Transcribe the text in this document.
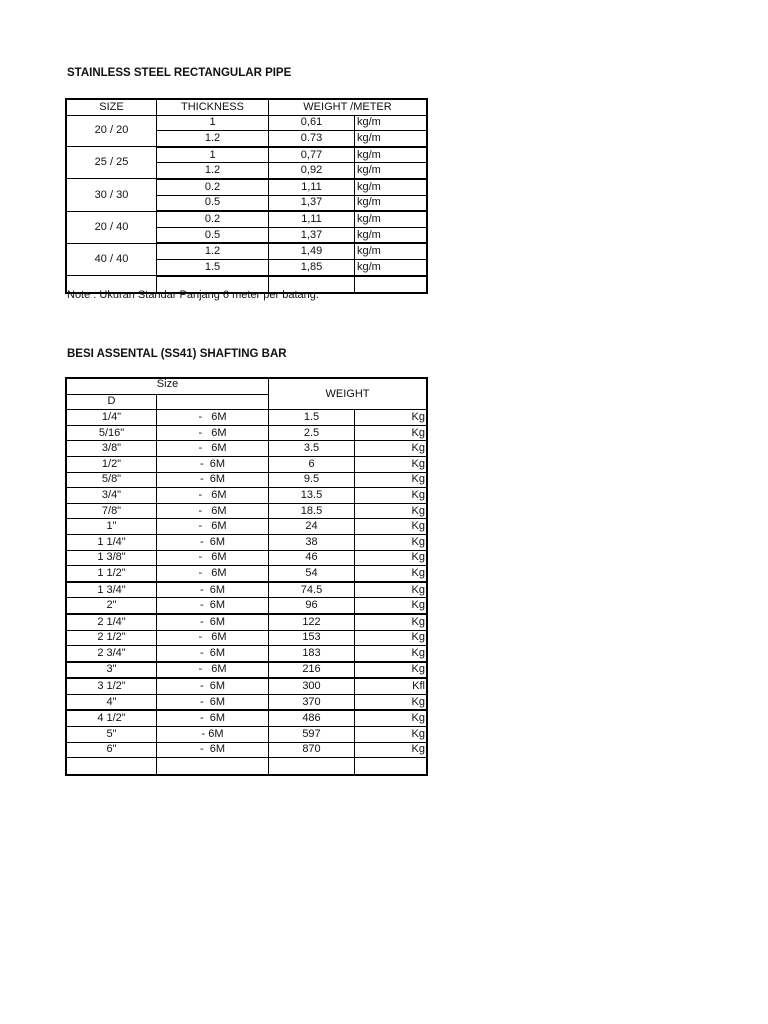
STAINLESS STEEL RECTANGULAR PIPE
SIZE	THICKNESS	WEIGHT /METER	
20 / 20	1	0,61	kg/m
	1.2	0.73	kg/m
25 / 25	1	0,77	kg/m
	1.2	0,92	kg/m
30 / 30	0.2	1,11	kg/m
	0.5	1,37	kg/m
20 / 40	0.2	1,11	kg/m
	0.5	1,37	kg/m
40 / 40	1.2	1,49	kg/m
	1.5	1,85	kg/m

Note : Ukuran Standar Panjang 6 meter per batang.
BESI ASSENTAL (SS41) SHAFTING BAR
Size		WEIGHT	
D			
1/4"	-   6M	1.5	Kg
5/16"	-   6M	2.5	Kg
3/8"	-   6M	3.5	Kg
1/2"	-  6M	6	Kg
5/8"	-  6M	9.5	Kg
3/4"	-   6M	13.5	Kg
7/8"	-   6M	18.5	Kg
1"	-   6M	24	Kg
1 1/4"	-  6M	38	Kg
1 3/8"	-   6M	46	Kg
1 1/2"	-   6M	54	Kg
1 3/4"	-  6M	74.5	Kg
2"	-  6M	96	Kg
2 1/4"	-  6M	122	Kg
2 1/2"	-   6M	153	Kg
2 3/4"	-  6M	183	Kg
3"	-   6M	216	Kg
3 1/2"	-  6M	300	Kfl
4"	-  6M	370	Kg
4 1/2"	-  6M	486	Kg
5"	- 6M	597	Kg
6"	-  6M	870	Kg
